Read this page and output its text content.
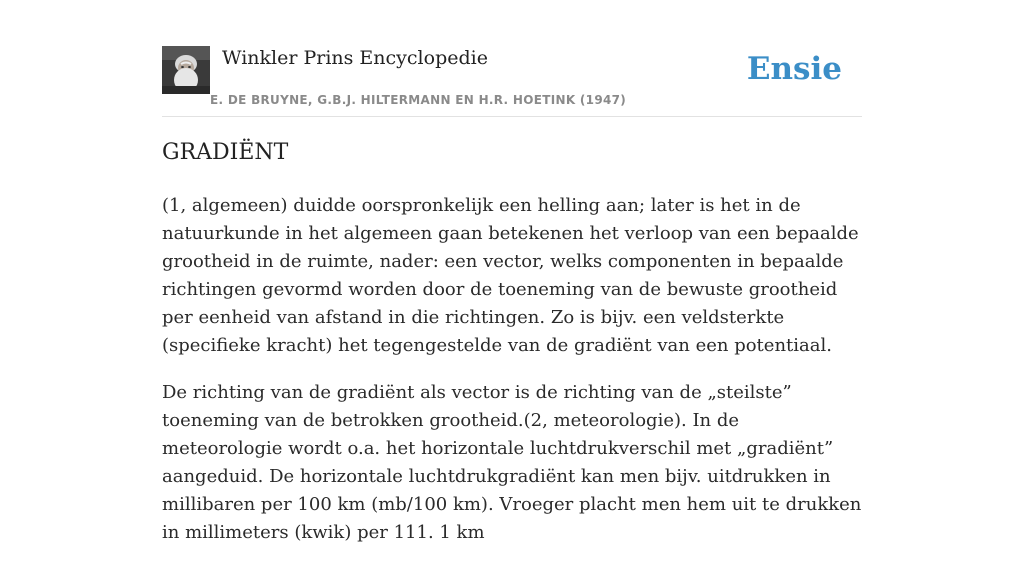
Winkler Prins Encyclopedie
E. DE BRUYNE, G.B.J. HILTERMANN EN H.R. HOETINK (1947)
Ensie
GRADIËNT

(1, algemeen) duidde oorspronkelijk een helling aan; later is het in de natuurkunde in het algemeen gaan betekenen het verloop van een bepaalde grootheid in de ruimte, nader: een vector, welks componenten in bepaalde richtingen gevormd worden door de toeneming van de bewuste grootheid per eenheid van afstand in die richtingen. Zo is bijv. een veldsterkte (specifieke kracht) het tegengestelde van de gradiënt van een potentiaal.

De richting van de gradiënt als vector is de richting van de „steilste” toeneming van de betrokken grootheid.(2, meteorologie). In de meteorologie wordt o.a. het horizontale luchtdrukverschil met „gradiënt” aangeduid. De horizontale luchtdrukgradiënt kan men bijv. uitdrukken in millibaren per 100 km (mb/100 km). Vroeger placht men hem uit te drukken in millimeters (kwik) per 111. 1 km
